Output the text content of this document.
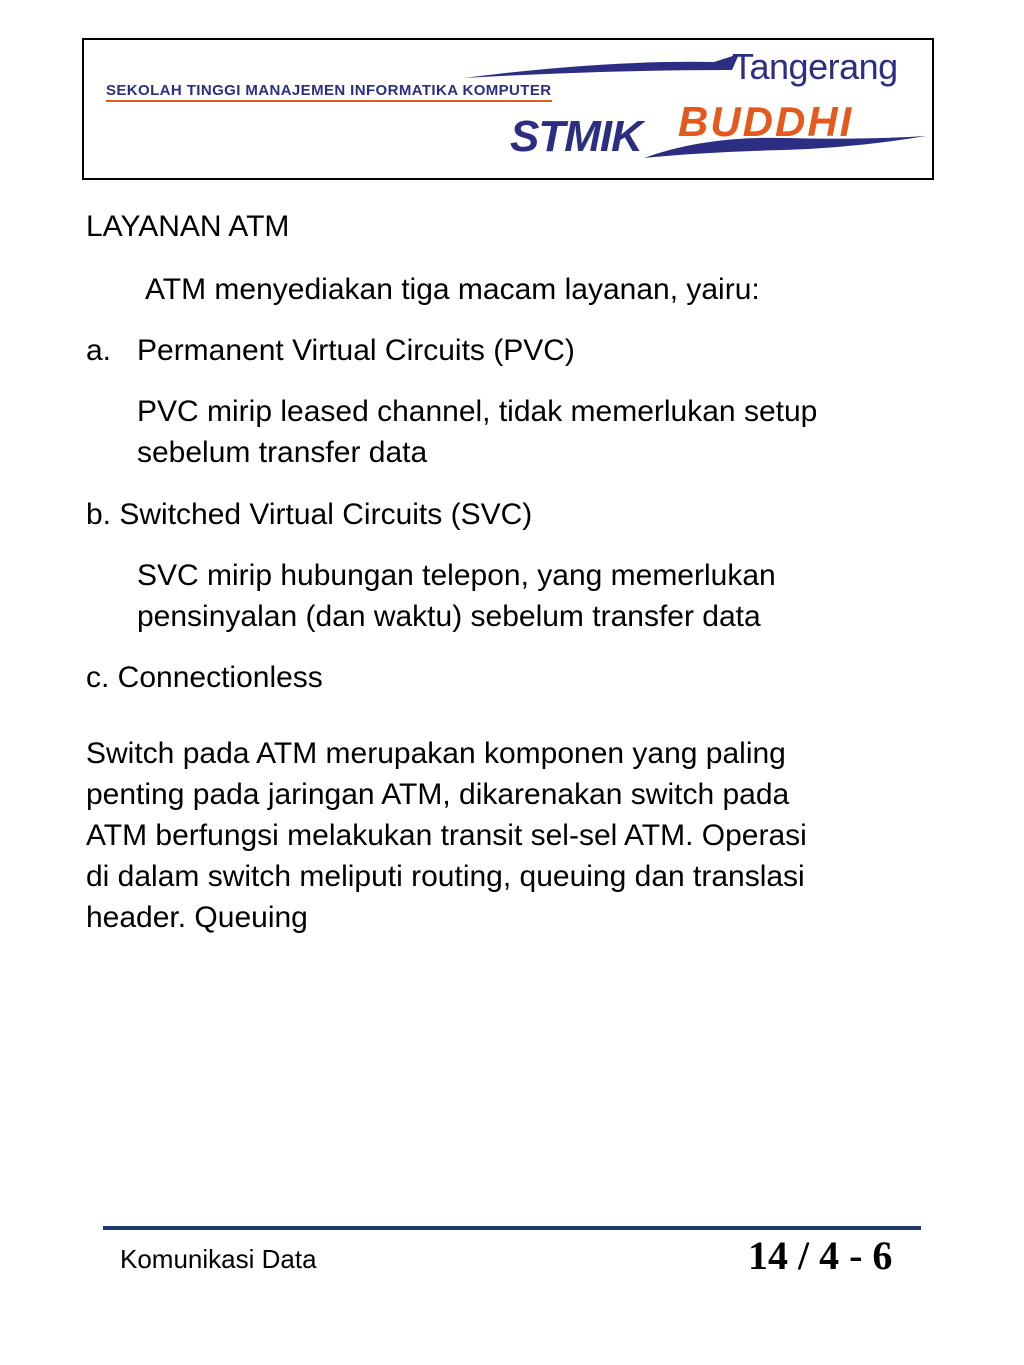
SEKOLAH TINGGI MANAJEMEN INFORMATIKA KOMPUTER
Tangerang
STMIK BUDDHI
LAYANAN ATM
ATM menyediakan tiga macam layanan, yairu:
a. Permanent Virtual Circuits (PVC)
PVC mirip leased channel, tidak memerlukan setup
sebelum transfer data
b. Switched Virtual Circuits (SVC)
SVC mirip hubungan telepon, yang memerlukan
pensinyalan (dan waktu) sebelum transfer data
c. Connectionless
Switch pada ATM merupakan komponen yang paling
penting pada jaringan ATM, dikarenakan switch pada
ATM berfungsi melakukan transit sel-sel ATM. Operasi
di dalam switch meliputi routing, queuing dan translasi
header. Queuing
Komunikasi Data	14 / 4 - 6
